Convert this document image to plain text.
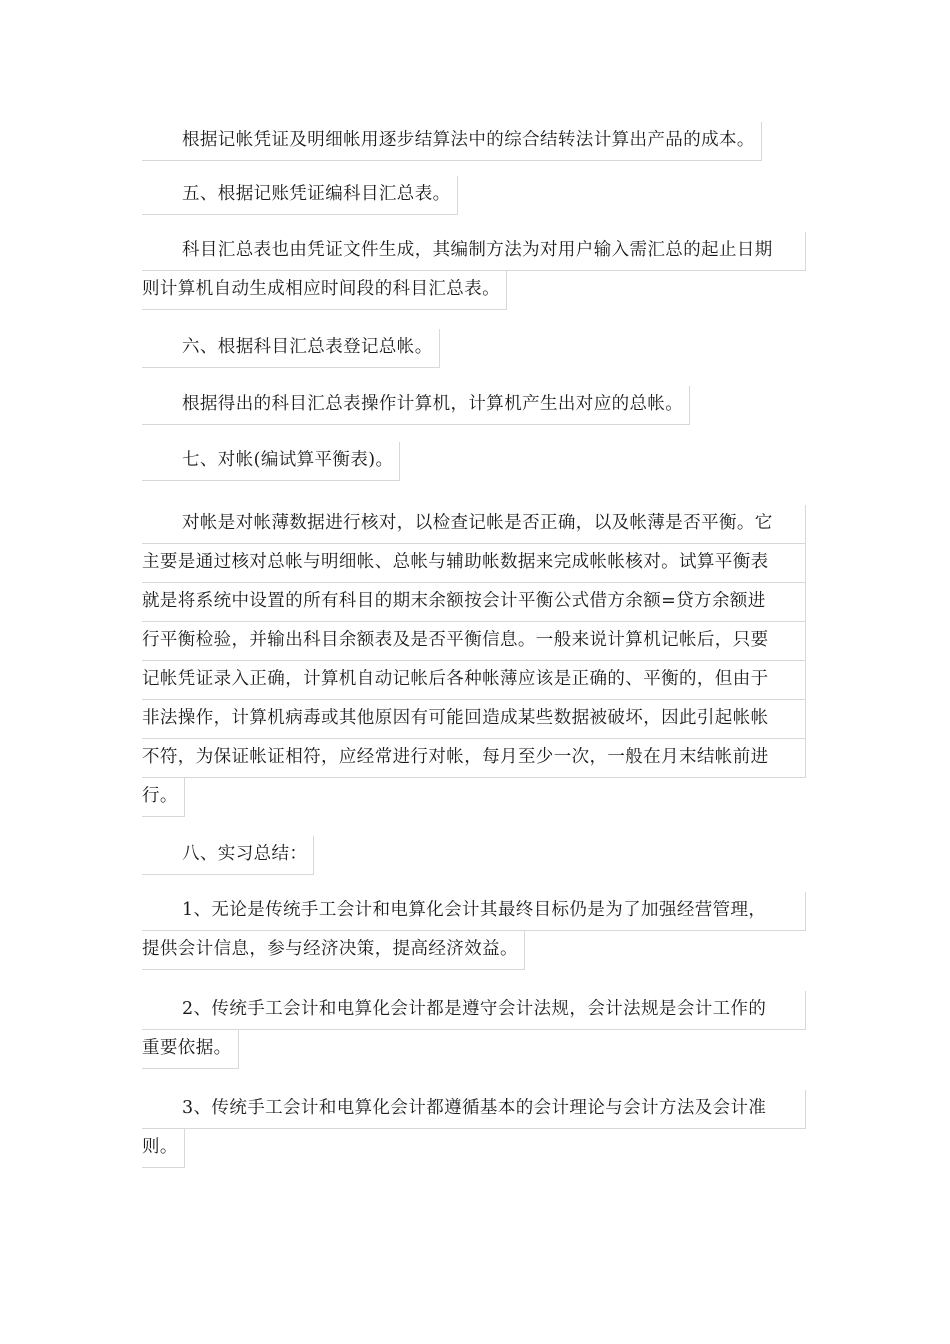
根据记帐凭证及明细帐用逐步结算法中的综合结转法计算出产品的成本。
五、根据记账凭证编科目汇总表。
科目汇总表也由凭证文件生成，其编制方法为对用户输入需汇总的起止日期
则计算机自动生成相应时间段的科目汇总表。
六、根据科目汇总表登记总帐。
根据得出的科目汇总表操作计算机，计算机产生出对应的总帐。
七、对帐(编试算平衡表)。
对帐是对帐薄数据进行核对，以检查记帐是否正确，以及帐薄是否平衡。它
主要是通过核对总帐与明细帐、总帐与辅助帐数据来完成帐帐核对。试算平衡表
就是将系统中设置的所有科目的期末余额按会计平衡公式借方余额=贷方余额进
行平衡检验，并输出科目余额表及是否平衡信息。一般来说计算机记帐后，只要
记帐凭证录入正确，计算机自动记帐后各种帐薄应该是正确的、平衡的，但由于
非法操作，计算机病毒或其他原因有可能回造成某些数据被破坏，因此引起帐帐
不符，为保证帐证相符，应经常进行对帐，每月至少一次，一般在月末结帐前进
行。
八、实习总结：
1、无论是传统手工会计和电算化会计其最终目标仍是为了加强经营管理，
提供会计信息，参与经济决策，提高经济效益。
2、传统手工会计和电算化会计都是遵守会计法规，会计法规是会计工作的
重要依据。
3、传统手工会计和电算化会计都遵循基本的会计理论与会计方法及会计准
则。
